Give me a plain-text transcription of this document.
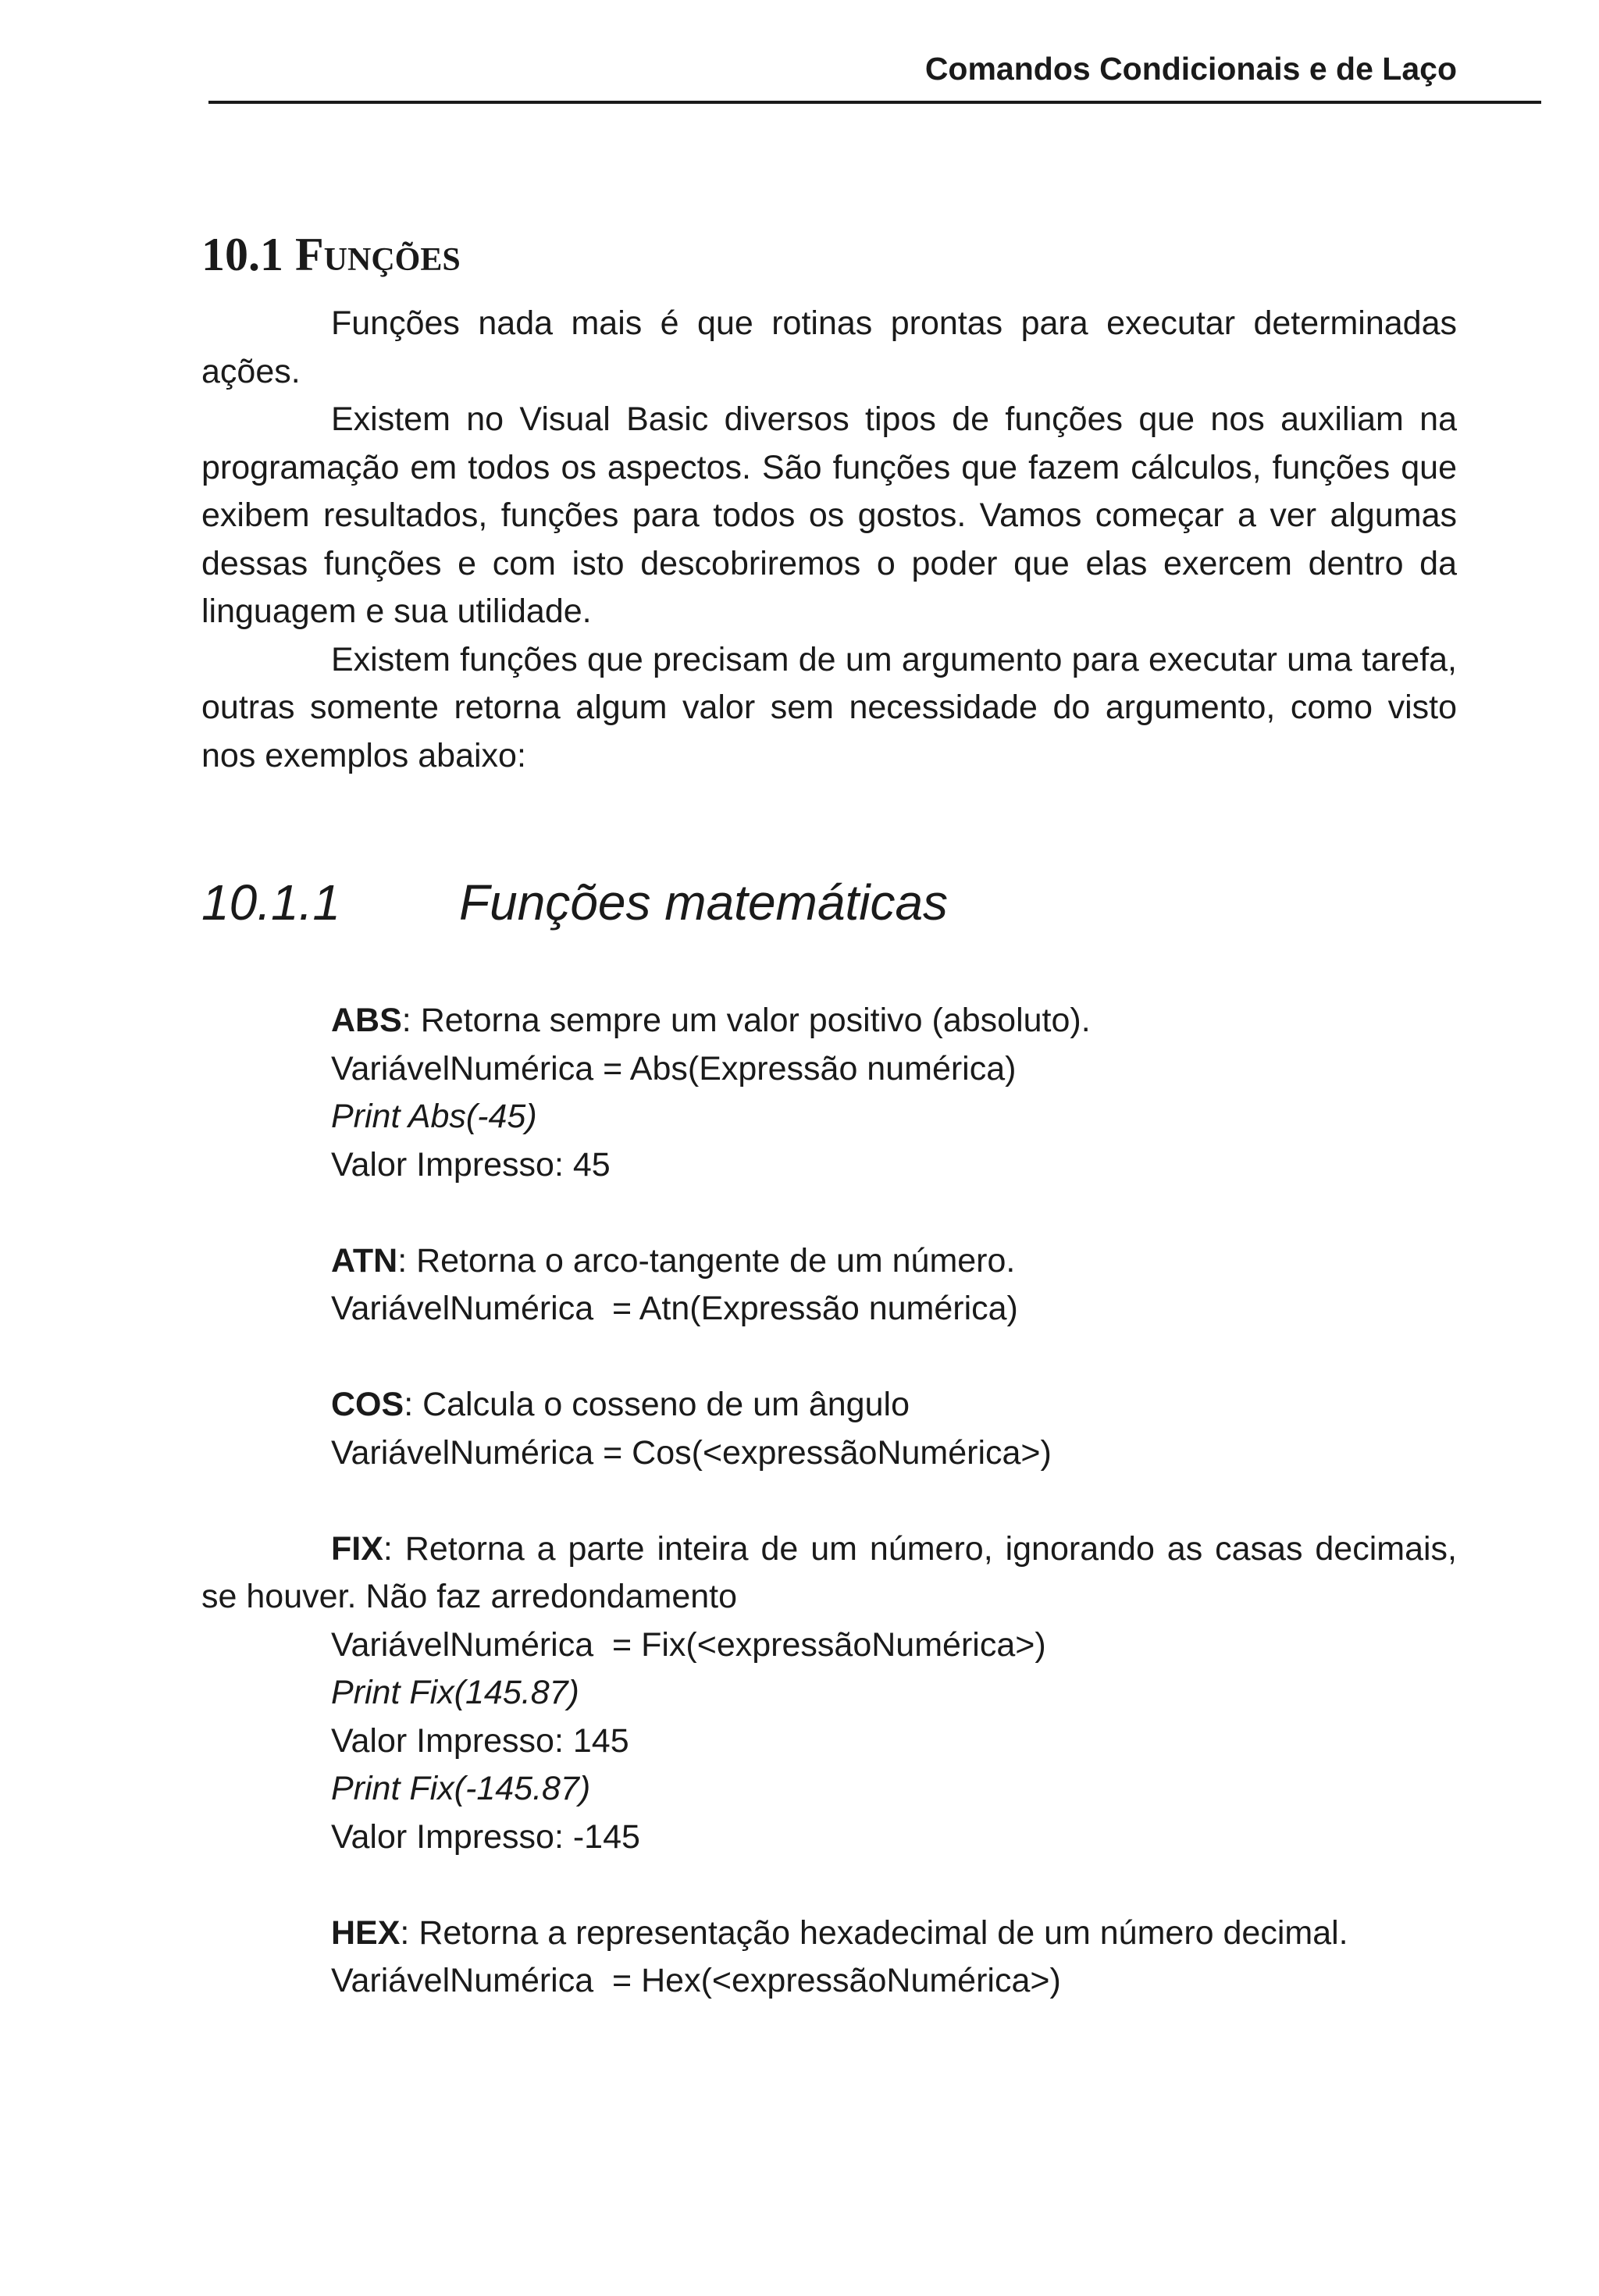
Comandos Condicionais e de Laço
10.1 Funções

Funções nada mais é que rotinas prontas para executar determinadas ações.

Existem no Visual Basic diversos tipos de funções que nos auxiliam na programação em todos os aspectos. São funções que fazem cálculos, funções que exibem resultados, funções para todos os gostos. Vamos começar a ver algumas dessas funções e com isto descobriremos o poder que elas exercem dentro da linguagem e sua utilidade.

Existem funções que precisam de um argumento para executar uma tarefa, outras somente retorna algum valor sem necessidade do argumento, como visto nos exemplos abaixo:

10.1.1 Funções matemáticas
ABS: Retorna sempre um valor positivo (absoluto).
VariávelNumérica = Abs(Expressão numérica)
Print Abs(-45)
Valor Impresso: 45
ATN: Retorna o arco-tangente de um número.
VariávelNumérica  = Atn(Expressão numérica)
COS: Calcula o cosseno de um ângulo
VariávelNumérica = Cos(<expressãoNumérica>)
FIX: Retorna a parte inteira de um número, ignorando as casas decimais, se houver. Não faz arredondamento
VariávelNumérica  = Fix(<expressãoNumérica>)
Print Fix(145.87)
Valor Impresso: 145
Print Fix(-145.87)
Valor Impresso: -145
HEX: Retorna a representação hexadecimal de um número decimal.
VariávelNumérica  = Hex(<expressãoNumérica>)
